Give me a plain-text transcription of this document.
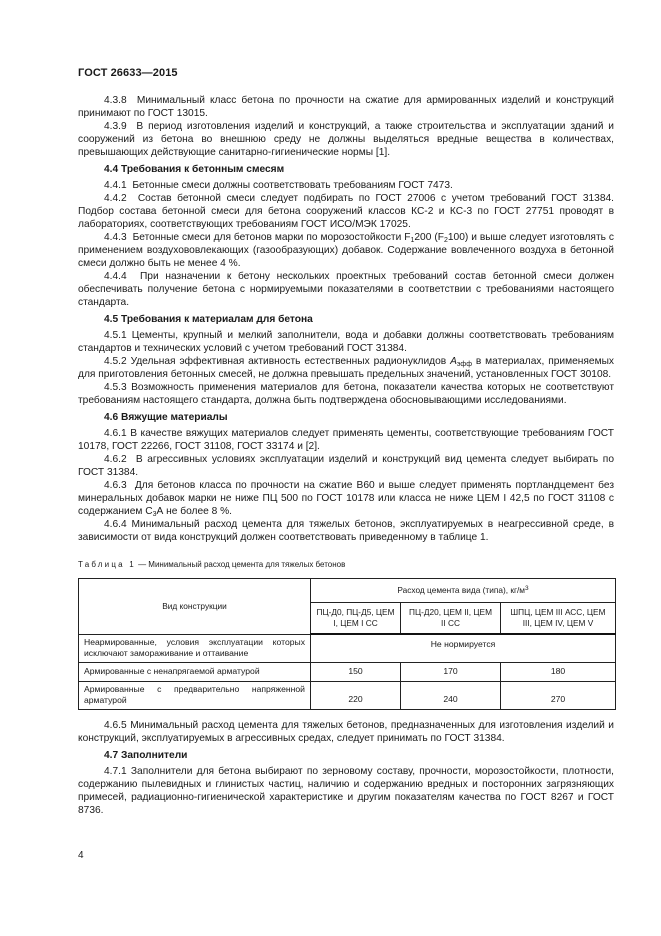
ГОСТ 26633—2015

4.3.8 Минимальный класс бетона по прочности на сжатие для армированных изделий и конструкций принимают по ГОСТ 13015.

4.3.9 В период изготовления изделий и конструкций, а также строительства и эксплуатации зданий и сооружений из бетона во внешнюю среду не должны выделяться вредные вещества в количествах, превышающих действующие санитарно-гигиенические нормы [1].

4.4 Требования к бетонным смесям

4.4.1 Бетонные смеси должны соответствовать требованиям ГОСТ 7473.

4.4.2 Состав бетонной смеси следует подбирать по ГОСТ 27006 с учетом требований ГОСТ 31384. Подбор состава бетонной смеси для бетона сооружений классов КС-2 и КС-3 по ГОСТ 27751 проводят в лабораториях, соответствующих требованиям ГОСТ ИСО/МЭК 17025.

4.4.3 Бетонные смеси для бетонов марки по морозостойкости $F_1200$ $(F_2100)$ и выше следует изготовлять с применением воздухововлекающих (газообразующих) добавок. Содержание вовлеченного воздуха в бетонной смеси должно быть не менее 4 %.

4.4.4 При назначении к бетону нескольких проектных требований состав бетонной смеси должен обеспечивать получение бетона с нормируемыми показателями в соответствии с требованиями настоящего стандарта.

4.5 Требования к материалам для бетона

4.5.1 Цементы, крупный и мелкий заполнители, вода и добавки должны соответствовать требованиям стандартов и технических условий с учетом требований ГОСТ 31384.

4.5.2 Удельная эффективная активность естественных радионуклидов $A_{эфф}$ в материалах, применяемых для приготовления бетонных смесей, не должна превышать предельных значений, установленных ГОСТ 30108.

4.5.3 Возможность применения материалов для бетона, показатели качества которых не соответствуют требованиям настоящего стандарта, должна быть подтверждена обосновывающими исследованиями.

4.6 Вяжущие материалы

4.6.1 В качестве вяжущих материалов следует применять цементы, соответствующие требованиям ГОСТ 10178, ГОСТ 22266, ГОСТ 31108, ГОСТ 33174 и [2].

4.6.2 В агрессивных условиях эксплуатации изделий и конструкций вид цемента следует выбирать по ГОСТ 31384.

4.6.3 Для бетонов класса по прочности на сжатие В60 и выше следует применять портландцемент без минеральных добавок марки не ниже ПЦ 500 по ГОСТ 10178 или класса не ниже ЦЕМ I 42,5 по ГОСТ 31108 с содержанием $С_3А$ не более 8 %.

4.6.4 Минимальный расход цемента для тяжелых бетонов, эксплуатируемых в неагрессивной среде, в зависимости от вида конструкций должен соответствовать приведенному в таблице 1.

Таблица 1 — Минимальный расход цемента для тяжелых бетонов
Вид конструкции	Расход цемента вида (типа), $кг/м^3$
	ПЦ-Д0, ПЦ-Д5, ЦЕМ I, ЦЕМ I СС	ПЦ-Д20, ЦЕМ II, ЦЕМ II СС	ШПЦ, ЦЕМ III АСС, ЦЕМ III, ЦЕМ IV, ЦЕМ V
Неармированные, условия эксплуатации которых исключают замораживание и оттаивание	Не нормируется		
Армированные с ненапрягаемой арматурой	150	170	180
Армированные с предварительно напряженной арматурой	220	240	270

4.6.5 Минимальный расход цемента для тяжелых бетонов, предназначенных для изготовления изделий и конструкций, эксплуатируемых в агрессивных средах, следует принимать по ГОСТ 31384.

4.7 Заполнители

4.7.1 Заполнители для бетона выбирают по зерновому составу, прочности, морозостойкости, плотности, содержанию пылевидных и глинистых частиц, наличию и содержанию вредных и посторонних загрязняющих примесей, радиационно-гигиенической характеристике и другим показателям качества по ГОСТ 8267 и ГОСТ 8736.

4
